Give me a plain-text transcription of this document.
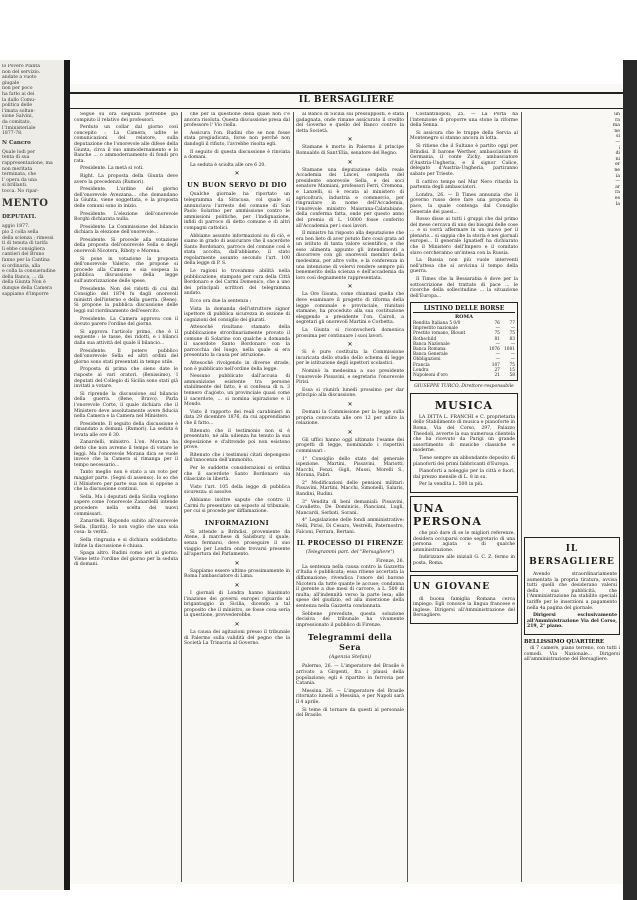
lo Povero Planta
non del servizio.
andate a vuoto
giugale
non per poco
ha fatto ai dei
la dallo Comu-
politica delle
l'imata soltan-
sione Salvini,
da comitato,
l'1ministeriale
1877-78.
N Cancro
Quale lodi per
tenta di sua
rappresentazione, ma
non meritata
terminata, che
l' opera da una
si brillanti.
tocca. No ripar-
MENTO
DEPUTATI.
aggio 1877.
pio 2 colla sella
della scienza ; rimessi
ti di tenuta di tarifa
li ebbe consigliera
cantieri del Bruno
fanno per la Cantina
si ordinaria, alla
e colla la consuetudine
della Banca, ... dà
della Giunta Non è
dunque della Camera
sappiamo d'imporre
IL BERSAGLIERE

Segue su ora sieguida potrebbe già compiuto il relativo dei professori.

Perduto un collar dal giorno così concepito : La Camera, udite le comunicazioni del relatore, sulla deputazione che l'onorevole alle difese della Giunta, circa il suo ammodernamento e lo Banche ... o ammodernamento di fondi pro rata.

Presidente. La metà si voti.

Right. La proposta della Giunta deve avere la precedenza (Rumori).

Presidente. L'ordine del giorno dell'onorevole Avezzana... che domandano la Giunta, viene soggettata, e la proposta delle comuni sono in inizio.

Presidente. L'elezione dell'onorevole Borghi dichiarata nulla.

Presidente. La Commissione del bilancio dichiara la elezione dell'onorevole...

Presidente. Si procede alla votazione della proposta dell'onorevole Sella e degli onorevoli Nicotera, Riboty e Morena.

Si pone in votazione la proposta dell'onorevole Valerio, che propone si procede alla Camera e sia sospesa la pubblica discussione della legge sull'autorizzazione delle spese.

Presidente. Non dei ridotti di cui dal Consiglio del 1874 fu dagli onorevoli ministri dell'interno e della guerra. (Bene). Si propone la pubblica discussione delle leggi sul riordinamento dell'esercito.

Presidente. La Camera approva con il dovuto parere l'ordine del giorno.

Si approva l'articolo primo, che è il seguente : le tasse, dei ridotti, e i bilanci dalla sua attività del quale il bilancio...

Presidente. Il potere pubblico dell'onorevole Sella ed altri ordini del giorno sono stati presentati in tempo utile.

Proposta di prima che sieno date le risposte ai vari oratori. (Benissimo). I deputati del Collegio di Sicilia sono stati già invitati a votare.

Si riprende la discussione sul bilancio della guerra. (Bene, Bravo). Parla l'onorevole Corte, il quale dichiara che il Ministero deve assolutamente avere fiducia nella Camera e la Camera nel Ministero.

Presidente. Il seguito della discussione è rimandato a domani. (Rumori). La seduta è levata alle ore 6 30.

Zanardelli, ministro. L'on. Morana ha detto che non avremo il tempo di votare le leggi. Ma l'onorevole Morana dica se vuole invece che la Camera si rimanga per il tempo necessario...

Tanto meglio non è stato a un voto per maggior parte. (Segni di assenso). Io so che il Ministero per parte sua non si oppone a che la discussione continui.

Sella. Ma i deputati della Sicilia vogliono sapere come l'onorevole Zanardelli intende procedere nella scelta dei nuovi commissari.

Zanardelli. Rispondo subito all'onorevole Sella. (Ilarità). Io non voglio che una sola cosa: la verità.

Sella ringrazia e si dichiara soddisfatto. Infine la discussione è chiusa.

Spaga altro. Rudini come ieri al giorno. Viene letto l'ordine del giorno per la seduta di domani.

che per la questione della quale non c'è ancora risoluta. Questa discussione presa dal professore l' Vio riella.

Assicura l'on. Rudini che se non fosse stata pregiudicata, forse non perché non dandogli il rifiuto, l'avrebbe risolta egli.

Il seguito di questa discussione è rinviata a domani.

La seduta è sciolta alle ore 6 20.

✕
UN BUON SERVO DI DIO

Qualche giornale ha riportato un telegramma da Siracusa, col quale si annunciava l'arresto del comune di San Paolo Solarino per ammissione contro le ammissioni politiche, per l'indignazione, infidi di parroco di detto comune e di altri compagni cattolici.

Abbiamo assunto informazioni su di ciò, e siamo in grado di assicurare che il sacerdote Santo Bordonaro, parroco del comune così è stata accolta, dall'abbiamo, il stato regolarmente assunto secondo l'art. 100 della legge di P. S.

Le ragioni lo trovammo abilità nella pubblicazione, stampato per cura della Città Bordonaro e del Carmi Domenico, che a uno dei principali scrittori del telegramma andato.

Ecco ora due la sentenza :

Vista la domanda dell'istruttore signor ispettore di pubblica sicurezza in sezione di cognizioni del consiglio dei giurati.

Attesoché risultano stamato della pubblicazione strordinariamente provato il comune di Solarino con qualche a domanda il sacerdote Santo Bordonaro con la parrocchia del luogo, nella quale si era presentato la causa per istruzione.

Attesoché rivolgendo in diverse strade, non è pubblicato nell'ordine della legge.

Nessuno pubblicato dall'accusa di ammonizione esistente tra persone stabilmente del fatto, è si confessa di n. 3 tennero d'agosto, un provinciale quasi come il sacerdote, ... si nomina ispirazione e il Mondo.

Visto il rapporto dei reali carabinieri in data 29 dicembre 1876, da cui apprendiamo che il fatto...

Ritenuto che il testimonio non si è presentato, né alla udienza ha tenuto la sua deposizione e d'altronde poi non esistono prove.

Ritenuto che i testimoni citati depongono dell'innocenza dell'ammonito.

Per le suddette considerazioni si ordina che il sacerdote Santo Bordonaro sia rilasciato in libertà.

Visto l'art. 105 della legge di pubblica sicurezza: si assolve.

Abbiamo inoltre saputo che contro il Carmi fu presentato un esposto al tribunale, per cui si procede per diffamazione.

INFORMAZIONI

Si attende a Brindisi, proveniente da Atene, il marchese di Salisbury, il quale, senza fermarsi, deve proseguire il suo viaggio per Londra onde trovarsi presente all'apertura del Parlamento.

✕

Sappiamo essere ultimo prossimamente in Roma l'ambasciatore di Lima.

✕

I giornali di Londra hanno biasimato l'inazione dei governi europei riguardo al brigantaggio in Sicilia, dicendo a tal proposito che il ministro, se fosse cosa seria la questione, provvederebbe.

✕

La causa dei agitazioni presso il tribunale di Palermo sulla validità del pegno che la Società La Trinacria al Governo.

al Banco di Sicilia sui pressupposti, è stata gadagnata, onde rimane assicurato il credito del Governo e quello del Banco contro la detta Società.

✕

Stamane è morto in Palermo il principe Romualdo di Sant'Elia, senatore del Regno.

✕

Stamane una deputazione della reale Accademia dei Lincei, composta del presidente onorevole Sella, e dei soci senatore Mamiani, professori Ferri, Cremona, e Lanzelli, si è recata al ministero di agricoltura, industria e commercio, per ringraziare in nome dell'Accademia, l'onorevole ministro Maiorana-Calatabiano, della conferma fatta, onde per questo anno del premio di L. 10000 fosse conferito all'Accademia per i suoi lavori.

Il ministro ha risposto alla deputazione che era ben lieto di aver potuto fare cosa grata ad un istituto di tanta valore scientifico, e che esso alimenta appunto gli intendimenti a discorrere con gli onorevoli membri della medesima, per altre volte, e la conferenza in una intenzione di volervi rendere sempre più benemerito della scienza e dell'accademia da loro così degnamente rappresentata.

✕

La Ore Gioata, come chiamasi quella che deve esaminare il progetto di riforma della legge comunale e provinciale, riunitasi stamane, ha proceduto alla sua costituzione eleggendo a presidente l'on. Cairoli, a segretari gli onorevoli Martini e Corbetta.

La Giunta si riconvocherà domenica prossima per continuare i suoi lavori.

✕

Si è pure costituita la Commissione incaricata dello studio dello schema di legge per le istituzione degli ispettori scolastici.

Nominò la medesima a suo presidente l'onorevole Pissavini, e segretario l'onorevole Pirisi.

Essa si riunirà lunedì prossimo per dar principio alla discussione.

✕

Domani la Commissione per la legge sulla propria convocata alle ore 12 per udire la relazione.

✕

Gli uffici hanno oggi ultimato l'esame dei progetti di legge, nominando i rispettivi commissari :

1° Consiglio dello stato del generale ispezione. Martini, Pissavini, Mariotti, Macchi, Fenzi, Gigli, Mussi, Morelli S., Morana, Fabri.

2° Modificazioni delle pensioni militari: Pissavini, Martini, Macchi, Simonelli, Salaris, Bandini, Rudini.

3° Vendita di beni demaniali: Pissavini, Cavalletto, De Dominicis, Pianciani, Lugli, Mancardi, Serbati, Sorani.

4° Legislazione delle fondi amministrative: Nelli, Pirisi, Di Cesaro, Vestrelli, Paternostro, Falconi, Ferrara, Bertani.

IL PROCESSO DI FIRENZE
(Telegrammi part. del "Bersagliere")
Firenze, 26.

La sentenza nella causa contro la Gazzetta d'Italia è pubblicata; essa ritiene accertata la diffamazione; rivendica l'onore del barone Nicotera da tutte quante le accuse; condanna il gerente a due mesi di carcere, a L. 500 di multa; all'indennità verso la parte lesa; alle spese del giudizio, ed alla inserzione della sentenza nella Gazzetta condannata.

Sebbene prevedute, questa soluzione decisiva del tribunale ha vivamente impressionato il pubblico di Firenze.

Telegrammi della Sera
(Agenzia Stefani)

Palermo, 26. — L'imperatore del Brasile è arrivato a Girgenti, fra i plausi della popolazione; egli è ripartito in ferrovia per Catania.

Messina, 26. — L'imperatore del Brasile ritornato lunedì a Messina, e per Napoli sarà il 4 aprile.

Si teme di tornare da questi al personale del Brasile.

Costantinopoli, 25. — La Porta ha l'intenzione di proporre una stone la riforme della Senna.

Si assicura che le truppe della Servia al Montenegro si stanno ancora in lotta.

Si ritiene che il Sultano è partito oggi per Brindisi. Il barone Werther, ambasciatore di Germania, il conte Zichy, ambasciatore d'Austria-Ungheria, e il signor Calice, delegato d'Austria-Ungheria, partiranno sabato per Trieste.

Il cattivo tempo nel Mar Nero ritarda la partenza degli ambasciatori.

Londra, 26. — Il Times annunzia che il governo russo deve fare una proposta di pace, la quale contenga dal Consiglio Generale dei paesi...

Rosso disse ai tutti i gruppi che dal primo del mese cercava di uno dei bisogni delle cose ... e si vorrà affermare in un nuovo per il plenario... si sappia che la storia è nei giornali europei... Il generale Ignatieff ha dichiarato che il Ministero dell'Impero e il comitato slavo cercheranno un'intesa con la Russia.

La Russia non più vuole interventi nell'attesa che si avvicina il tempo della guerra.

Il Times che la Bessarabia è dove per la sottoscrizione del trattato di pace ... le ricerche della sollecitudine ... la situazione dell'Europa...

LISTINO DELLE BORSE
ROMA
Rendita Italiana 5 0/0	76	77
Imprestito nazionale	—	—
Prestito romano, Blount	75	75
Rothschild	81	83
Banca Nazionale	—	—
Banca Romana	1076	1081
Banca Generale	—	—
Obbligazioni	—	—
Francia	107	75
Londra	27	15
Napoleoni d'oro	21	58
GIUSEPPE TURCO, Direttore-responsabile
MUSICA

LA DITTA L. FRANCHI e C. proprietaria dello Stabilimento di musica e pianoforte in Roma, Via del Corso, 297, Palazzo Theodoli, avverte la sua numerosa clientela che ha ricevuto da Parigi un grande assortimento di musiche classiche e moderne.

Tiene sempre un abbondante deposito di pianoforti dei primi fabbricanti d'Europa.

Pianoforti a noleggio per la città e fuori, dal prezzo mensile di L. 8 in su.

Per la vendita L. 500 in più.

UNA PERSONA

che può dare di se le migliori referenze, desidera occuparsi come segretario di una persona agiata o di qualche amministrazione.

Indirizzare alle iniziali G. C. Z. fermo in posta, Roma.

UN GIOVANE

di buona famiglia Romana cerca impiego. Egli conosce la lingua francese e inglese. Dirigersi all'Amministrazione del Bersagliere.

un
ra
ma
ne
si
—
i
di
ni
er
ne
ia
—
ar
ra
es
la
IL BERSAGLIERE

Avendo straordinariamente aumentata la propria tiratura, avvisa tutti quelli che desiderano valersi della sua pubblicità, che l'Amministrazione ha stabilito speciali tariffe per le inserzioni a pagamento nella 4a pagina del giornale.

Dirigersi esclusivamente all'Amministrazione Via del Corso, 219, 2° piano.

BELLISSIMO QUARTIERE

di 7 camere, piano terreno, con tutti i comodi. Via Nazionale... Dirigersi all'amministrazione del Bersagliere.
